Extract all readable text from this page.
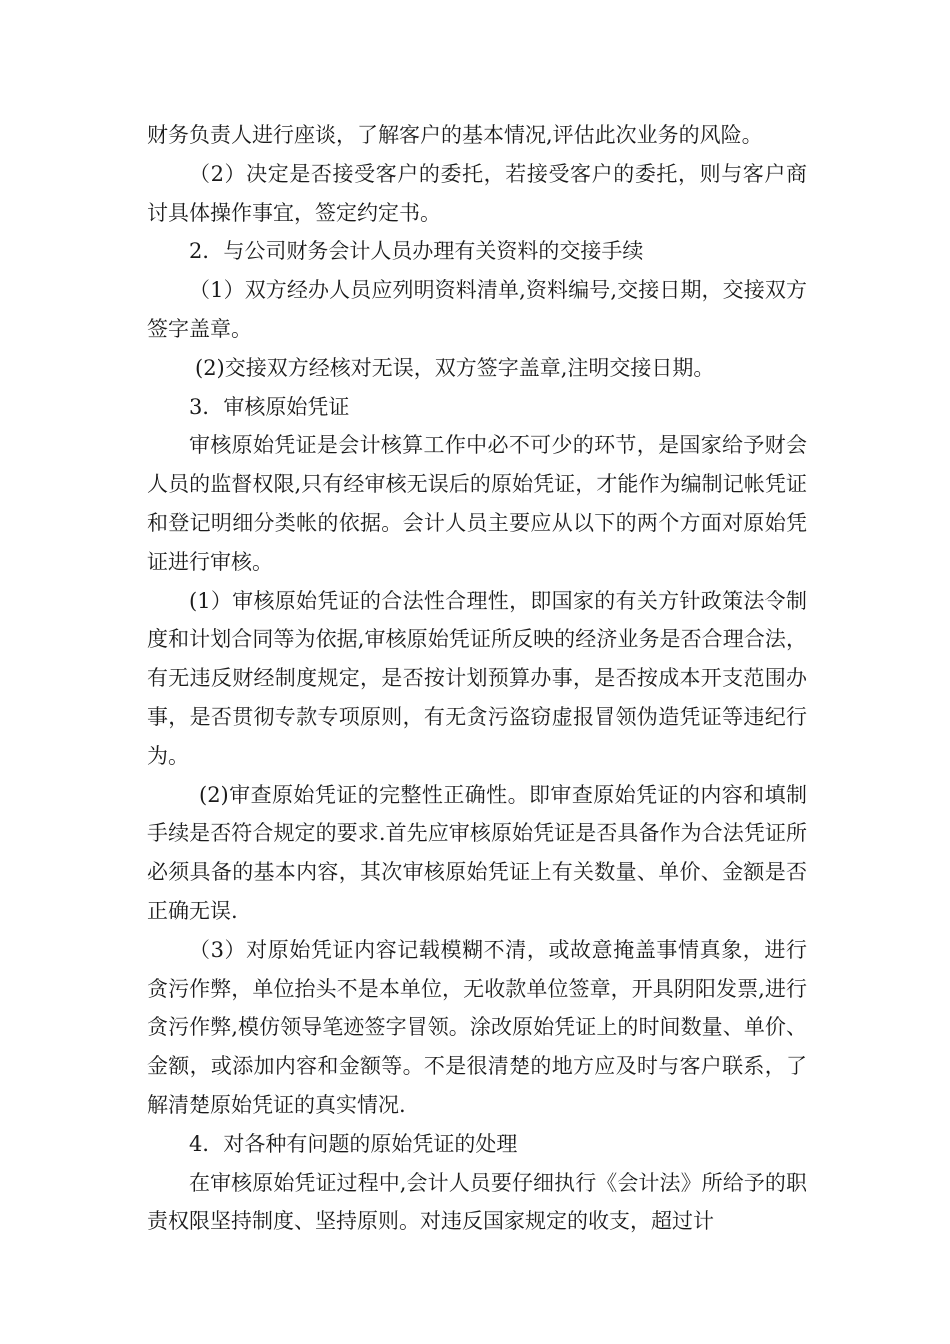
财务负责人进行座谈，了解客户的基本情况,评估此次业务的风险。

（2）决定是否接受客户的委托，若接受客户的委托，则与客户商讨具体操作事宜，签定约定书。

2．与公司财务会计人员办理有关资料的交接手续

（1）双方经办人员应列明资料清单,资料编号,交接日期，交接双方签字盖章。

(2)交接双方经核对无误，双方签字盖章,注明交接日期。

3．审核原始凭证

审核原始凭证是会计核算工作中必不可少的环节，是国家给予财会人员的监督权限,只有经审核无误后的原始凭证，才能作为编制记帐凭证和登记明细分类帐的依据。会计人员主要应从以下的两个方面对原始凭证进行审核。

(1）审核原始凭证的合法性合理性，即国家的有关方针政策法令制度和计划合同等为依据,审核原始凭证所反映的经济业务是否合理合法，有无违反财经制度规定，是否按计划预算办事，是否按成本开支范围办事，是否贯彻专款专项原则，有无贪污盗窃虚报冒领伪造凭证等违纪行为。

(2)审查原始凭证的完整性正确性。即审查原始凭证的内容和填制手续是否符合规定的要求.首先应审核原始凭证是否具备作为合法凭证所必须具备的基本内容，其次审核原始凭证上有关数量、单价、金额是否正确无误.

（3）对原始凭证内容记载模糊不清，或故意掩盖事情真象，进行贪污作弊，单位抬头不是本单位，无收款单位签章，开具阴阳发票,进行贪污作弊,模仿领导笔迹签字冒领。涂改原始凭证上的时间数量、单价、金额，或添加内容和金额等。不是很清楚的地方应及时与客户联系，了解清楚原始凭证的真实情况.

4．对各种有问题的原始凭证的处理

在审核原始凭证过程中,会计人员要仔细执行《会计法》所给予的职责权限坚持制度、坚持原则。对违反国家规定的收支，超过计
